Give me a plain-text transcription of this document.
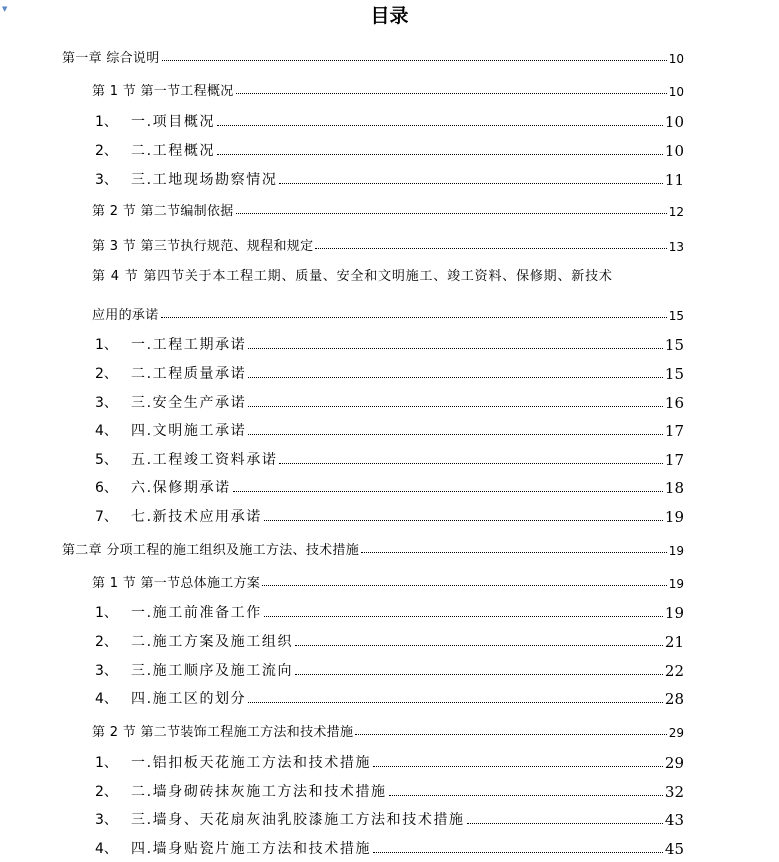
▼	目录
第一章 综合说明	10
第 1 节 第一节工程概况	10
1、 一.项目概况	10
2、 二.工程概况	10
3、 三.工地现场勘察情况	11
第 2 节 第二节编制依据	12
第 3 节 第三节执行规范、规程和规定	13
第 4 节 第四节关于本工程工期、质量、安全和文明施工、竣工资料、保修期、新技术
应用的承诺	15
1、 一.工程工期承诺	15
2、 二.工程质量承诺	15
3、 三.安全生产承诺	16
4、 四.文明施工承诺	17
5、 五.工程竣工资料承诺	17
6、 六.保修期承诺	18
7、 七.新技术应用承诺	19
第二章 分项工程的施工组织及施工方法、技术措施	19
第 1 节 第一节总体施工方案	19
1、 一.施工前准备工作	19
2、 二.施工方案及施工组织	21
3、 三.施工顺序及施工流向	22
4、 四.施工区的划分	28
第 2 节 第二节装饰工程施工方法和技术措施	29
1、 一.铝扣板天花施工方法和技术措施	29
2、 二.墙身砌砖抹灰施工方法和技术措施	32
3、 三.墙身、天花扇灰油乳胶漆施工方法和技术措施	43
4、 四.墙身贴瓷片施工方法和技术措施	45
